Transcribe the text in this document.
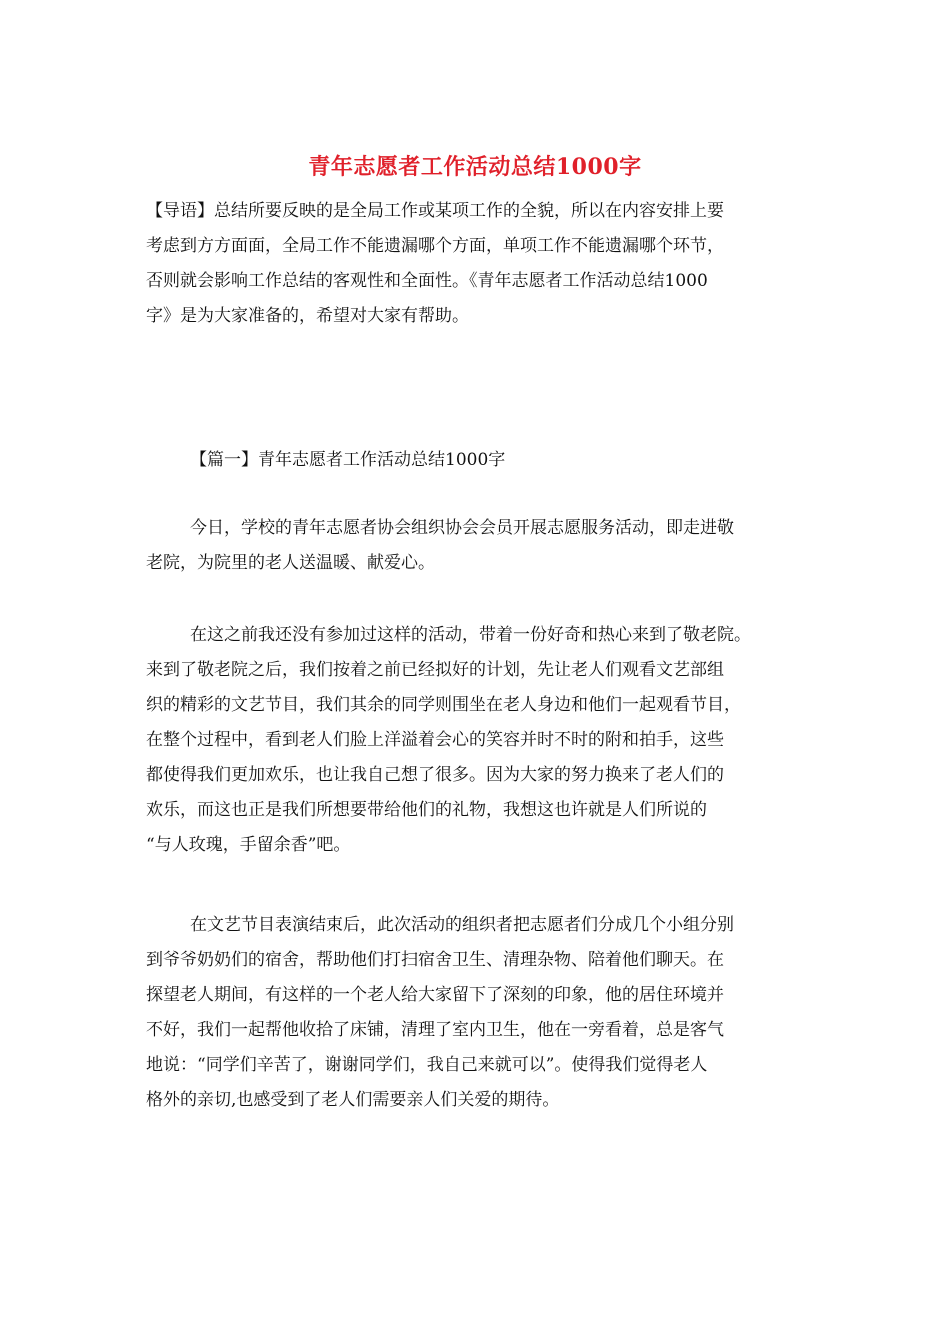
青年志愿者工作活动总结1000字
【导语】总结所要反映的是全局工作或某项工作的全貌，所以在内容安排上要
考虑到方方面面，全局工作不能遗漏哪个方面，单项工作不能遗漏哪个环节，
否则就会影响工作总结的客观性和全面性。《青年志愿者工作活动总结1000
字》是为大家准备的，希望对大家有帮助。
【篇一】青年志愿者工作活动总结1000字
今日，学校的青年志愿者协会组织协会会员开展志愿服务活动，即走进敬
老院，为院里的老人送温暖、献爱心。
在这之前我还没有参加过这样的活动，带着一份好奇和热心来到了敬老院。
来到了敬老院之后，我们按着之前已经拟好的计划，先让老人们观看文艺部组
织的精彩的文艺节目，我们其余的同学则围坐在老人身边和他们一起观看节目，
在整个过程中，看到老人们脸上洋溢着会心的笑容并时不时的附和拍手，这些
都使得我们更加欢乐，也让我自己想了很多。因为大家的努力换来了老人们的
欢乐，而这也正是我们所想要带给他们的礼物，我想这也许就是人们所说的
“与人玫瑰，手留余香”吧。
在文艺节目表演结束后，此次活动的组织者把志愿者们分成几个小组分别
到爷爷奶奶们的宿舍，帮助他们打扫宿舍卫生、清理杂物、陪着他们聊天。在
探望老人期间，有这样的一个老人给大家留下了深刻的印象，他的居住环境并
不好，我们一起帮他收拾了床铺，清理了室内卫生，他在一旁看着，总是客气
地说：“同学们辛苦了，谢谢同学们，我自己来就可以”。使得我们觉得老人
格外的亲切,也感受到了老人们需要亲人们关爱的期待。
